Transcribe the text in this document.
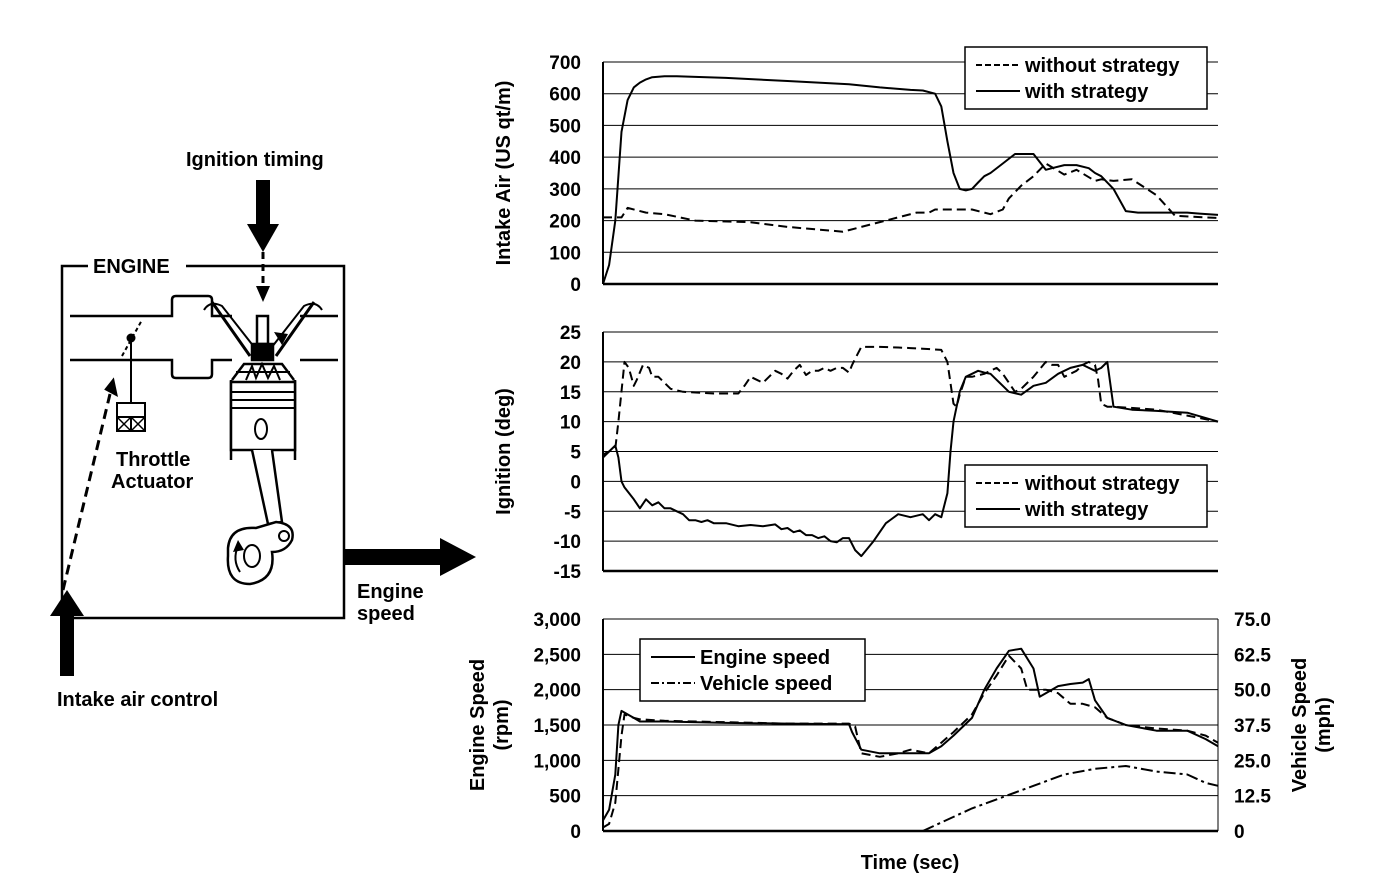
Ignition timing
ENGINE
Throttle
Actuator
Intake air control
Engine
speed
0
100
200
300
400
500
600
700
Intake Air (US qt/m)
without strategy
with strategy
-15
-10
-5
0
5
10
15
20
25
Ignition (deg)	without strategy
with strategy
0
500
1,000
1,500
2,000
2,500
3,000
0
12.5
25.0
37.5
50.0
62.5
75.0
Engine Speed (rpm)	Vehicle Speed (mph)
Engine speed
Vehicle speed
Time (sec)
